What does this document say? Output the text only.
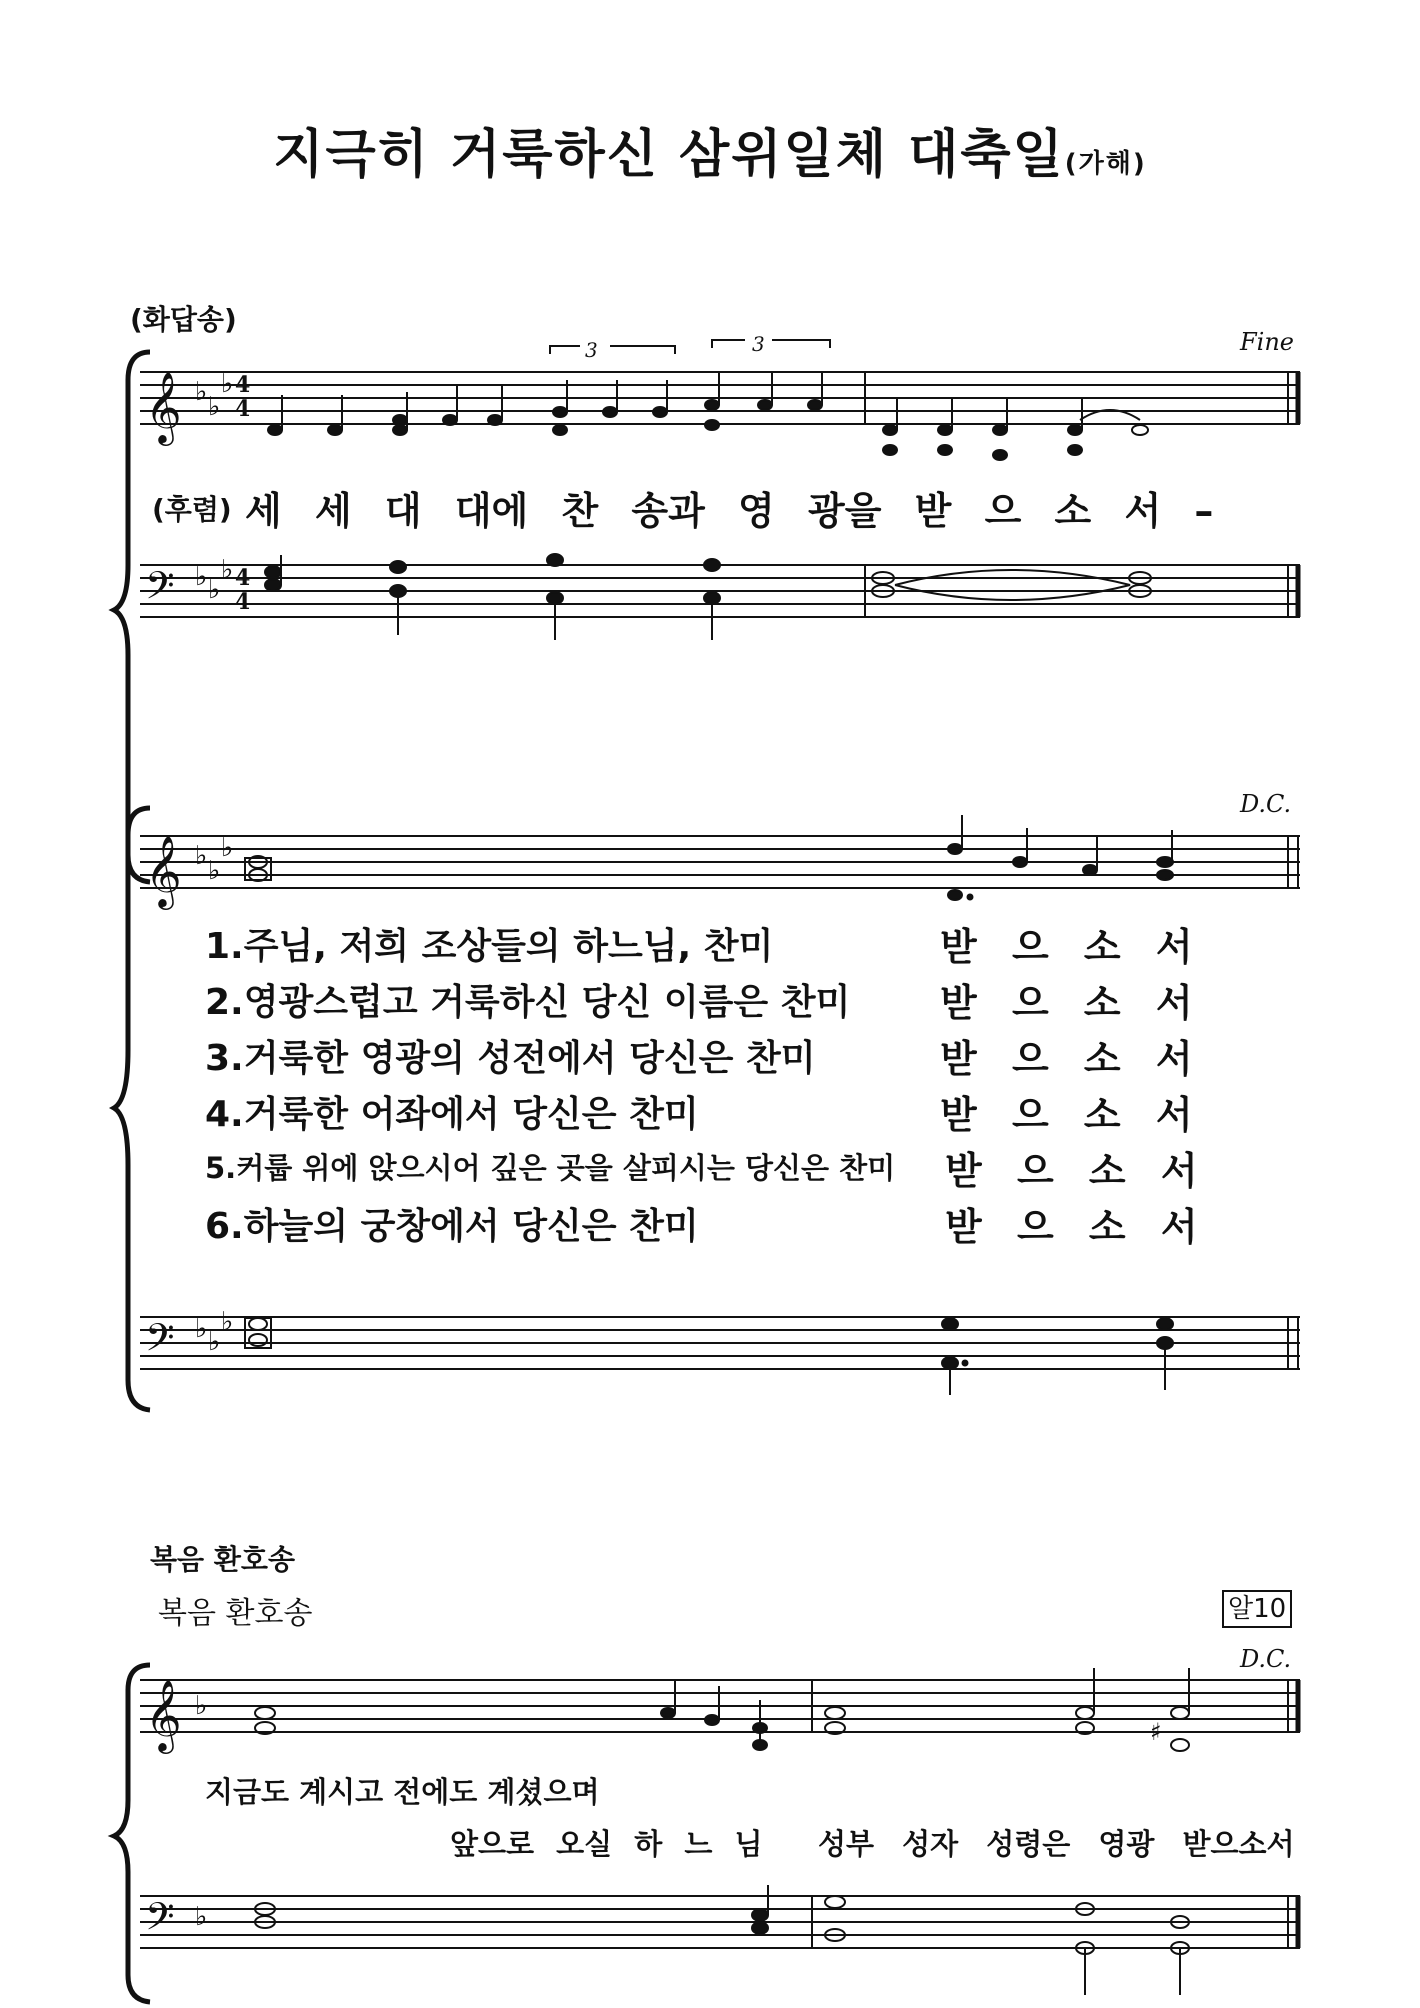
지극히 거룩하신 삼위일체 대축일(가해)
(화답송)
Fine
3	3
𝄞
𝄢
♭ ♭
♭
♭ ♭
♭
4
4
4
4
(후렴) 세 세 대 대에 찬 송과 영 광을 받 으 소 서 –
D.C.
𝄞
𝄢
♭ ♭
♭
♭ ♭
♭
1.주님, 저희 조상들의 하느님, 찬미	받 으 소 서
2.영광스럽고 거룩하신 당신 이름은 찬미 받 으 소 서
3.거룩한 영광의 성전에서 당신은 찬미	받 으 소 서
4.거룩한 어좌에서 당신은 찬미	받 으 소 서
5.커룹 위에 앉으시어 깊은 곳을 살피시는 당신은 찬미 받 으 소 서
6.하늘의 궁창에서 당신은 찬미	받 으 소 서
복음 환호송
복음 환호송	알10
D.C.
𝄞
𝄢
♭
♭
♯
지금도 계시고 전에도 계셨으며
앞으로 오실 하 느 님 성부 성자 성령은 영광 받으소서
